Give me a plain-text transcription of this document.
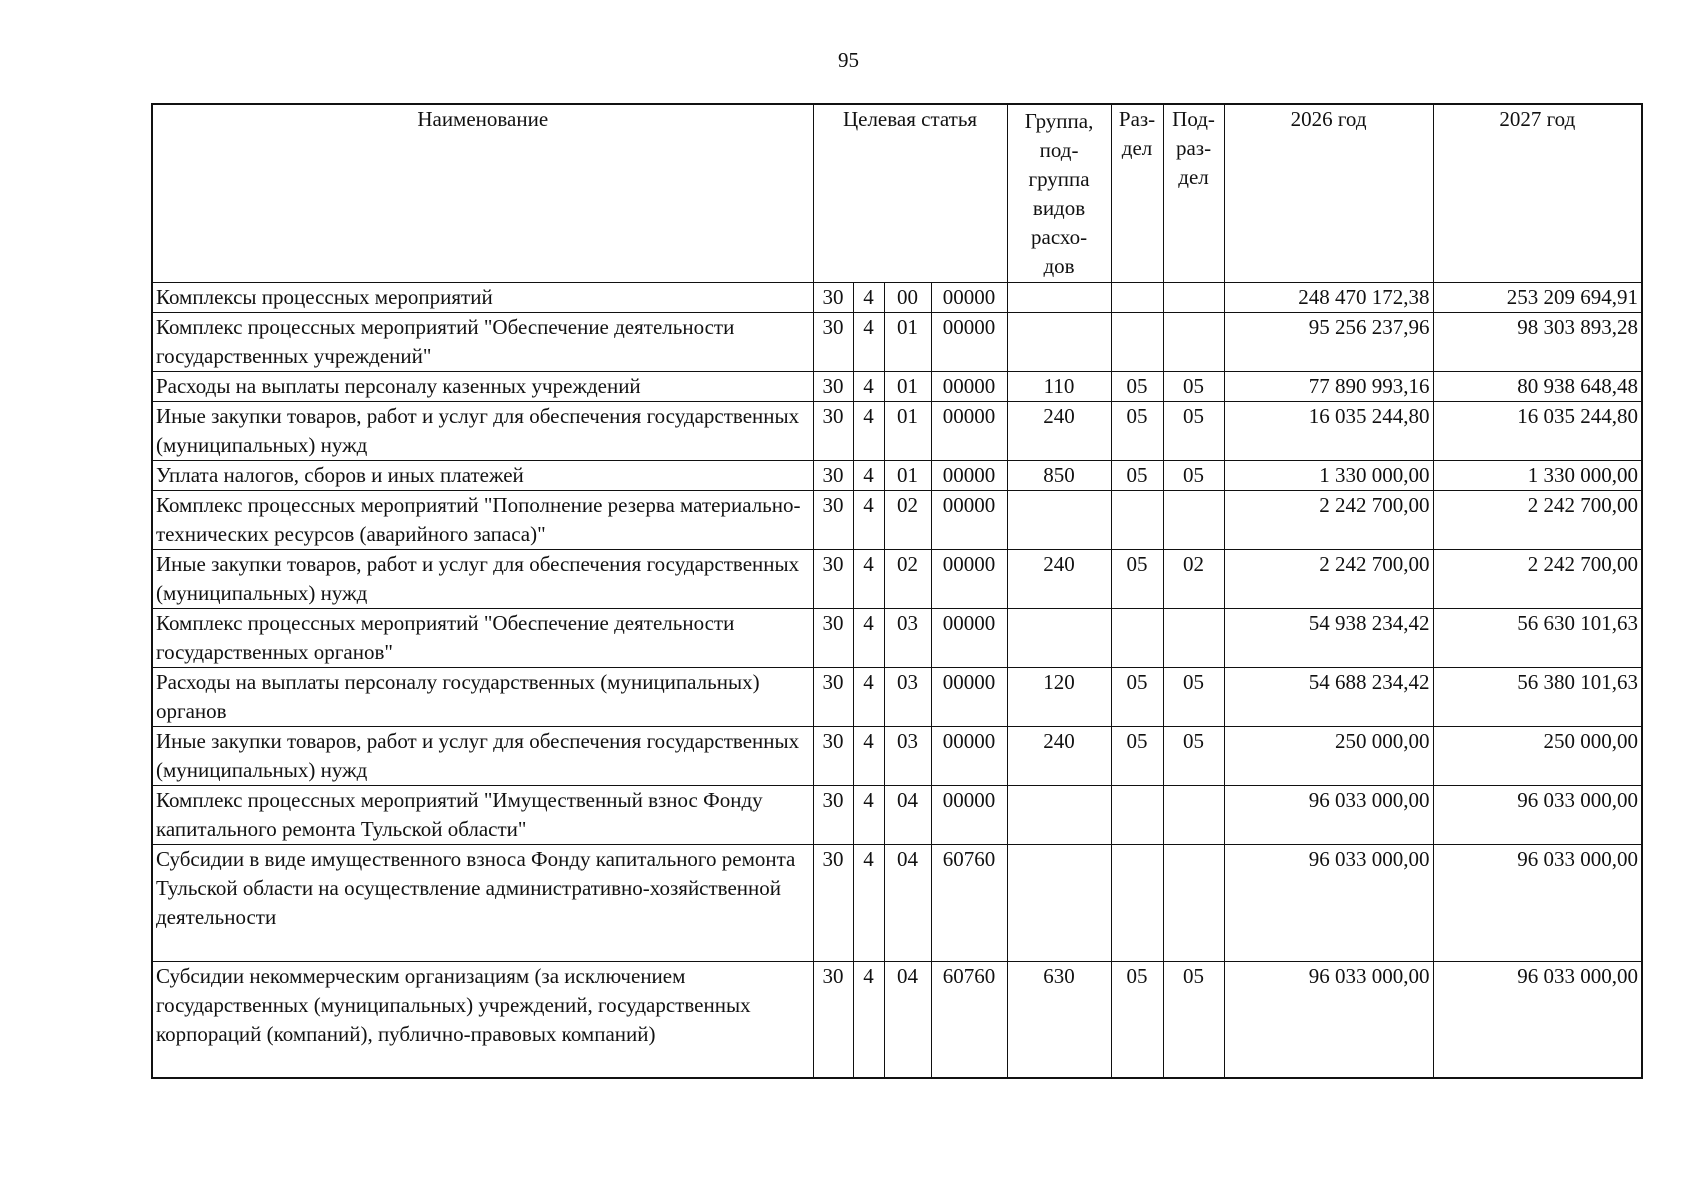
95
Наименование	Целевая статья				Группа, под-группа видов расхо-дов	Раз-дел	Под-раз-дел	2026 год	2027 год
Комплексы процессных мероприятий	30	4	00	00000				248 470 172,38	253 209 694,91
Комплекс процессных мероприятий "Обеспечение деятельности государственных учреждений"	30	4	01	00000				95 256 237,96	98 303 893,28
Расходы на выплаты персоналу казенных учреждений	30	4	01	00000	110	05	05	77 890 993,16	80 938 648,48
Иные закупки товаров, работ и услуг для обеспечения государственных (муниципальных) нужд	30	4	01	00000	240	05	05	16 035 244,80	16 035 244,80
Уплата налогов, сборов и иных платежей	30	4	01	00000	850	05	05	1 330 000,00	1 330 000,00
Комплекс процессных мероприятий "Пополнение резерва материально-технических ресурсов (аварийного запаса)"	30	4	02	00000				2 242 700,00	2 242 700,00
Иные закупки товаров, работ и услуг для обеспечения государственных (муниципальных) нужд	30	4	02	00000	240	05	02	2 242 700,00	2 242 700,00
Комплекс процессных мероприятий "Обеспечение деятельности государственных органов"	30	4	03	00000				54 938 234,42	56 630 101,63
Расходы на выплаты персоналу государственных (муниципальных) органов	30	4	03	00000	120	05	05	54 688 234,42	56 380 101,63
Иные закупки товаров, работ и услуг для обеспечения государственных (муниципальных) нужд	30	4	03	00000	240	05	05	250 000,00	250 000,00
Комплекс процессных мероприятий "Имущественный взнос Фонду капитального ремонта Тульской области"	30	4	04	00000				96 033 000,00	96 033 000,00
Субсидии в виде имущественного взноса Фонду капитального ремонта Тульской области на осуществление административно-хозяйственной деятельности	30	4	04	60760				96 033 000,00	96 033 000,00
Субсидии некоммерческим организациям (за исключением государственных (муниципальных) учреждений, государственных корпораций (компаний), публично-правовых компаний)	30	4	04	60760	630	05	05	96 033 000,00	96 033 000,00
